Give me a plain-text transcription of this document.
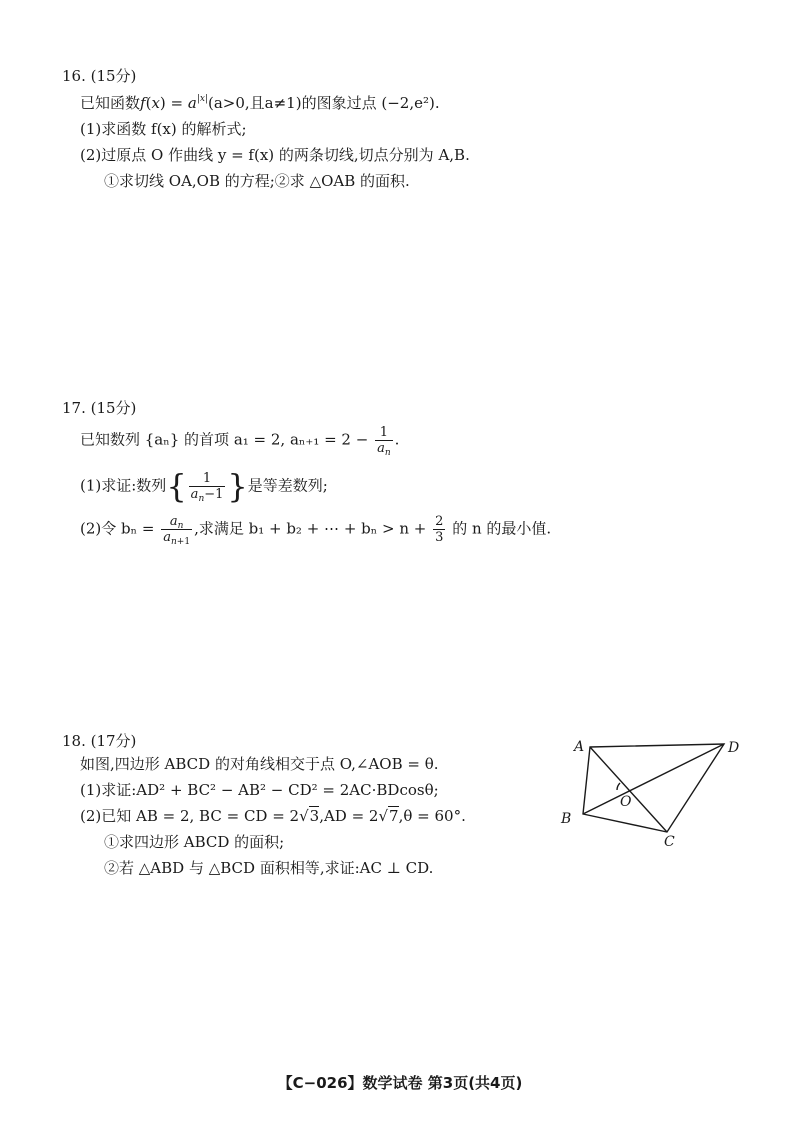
16. (15分)
已知函数$f(x) = a^{|x|}(a>0$,且a≠1)的图象过点 (−2,e²).
(1)求函数 f(x) 的解析式;
(2)过原点 O 作曲线 y = f(x) 的两条切线,切点分别为 A,B.
①求切线 OA,OB 的方程;②求 △OAB 的面积.
17. (15分)
已知数列 {aₙ} 的首项 a₁ = 2, $a_{n+1} = 2 - \frac{1}{a_n}$ .
(1)求证:数列{ $\frac{1}{a_n-1}$ }是等差数列;
(2)令 $b_n = \frac{a_n}{a_{n+1}}$ ,求满足 b₁ + b₂ + ⋯ + $b_n > n + \frac{2}{3}$ 的 n 的最小值.
18. (17分)
如图,四边形 ABCD 的对角线相交于点 O,∠AOB = θ.
(1)求证:AD² + BC² − AB² − CD² = 2AC·BDcosθ;
(2)已知 AB = 2, BC = CD = 2√3,AD = 2√7,θ = 60°.
①求四边形 ABCD 的面积;
②若 △ABD 与 △BCD 面积相等,求证:AC ⊥ CD.
A	D
O
B
C
【C−026】数学试卷 第3页(共4页)
